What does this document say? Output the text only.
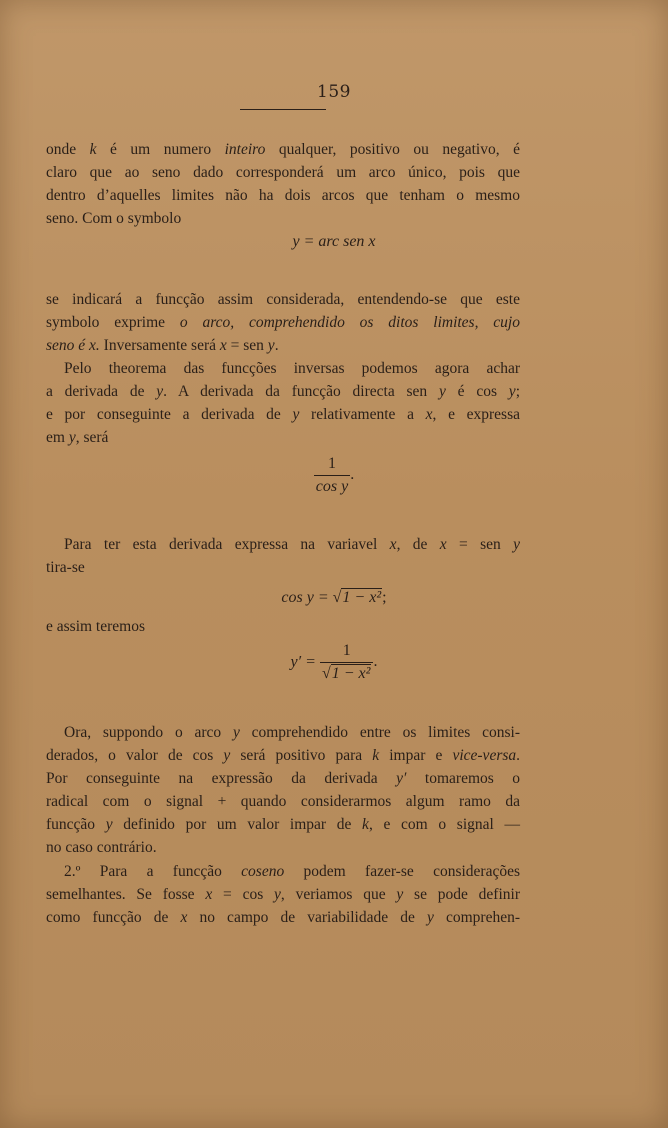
159
onde k é um numero inteiro qualquer, positivo ou negativo, é
claro que ao seno dado corresponderá um arco único, pois que
dentro d’aquelles limites não ha dois arcos que tenham o mesmo
seno. Com o symbolo
y = arc sen x
se indicará a funcção assim considerada, entendendo-se que este
symbolo exprime o arco, comprehendido os ditos limites, cujo
seno é x. Inversamente será x = sen y.
Pelo theorema das funcções inversas podemos agora achar
a derivada de y. A derivada da funcção directa sen y é cos y;
e por conseguinte a derivada de y relativamente a x, e expressa
em y, será
$\frac{1}{\text{cos y}}$ .
Para ter esta derivada expressa na variavel x, de x = sen y
tira-se
cos y = √1 − x²;
e assim teremos
$y' = \frac{1}{\text{√1 − x²}}$ .
Ora, suppondo o arco y comprehendido entre os limites consi-
derados, o valor de cos y será positivo para k impar e vice-versa.
Por conseguinte na expressão da derivada y′ tomaremos o
radical com o signal + quando considerarmos algum ramo da
funcção y definido por um valor impar de k, e com o signal —
no caso contrário.
2.º Para a funcção coseno podem fazer-se considerações
semelhantes. Se fosse x = cos y, veriamos que y se pode definir
como funcção de x no campo de variabilidade de y comprehen-
